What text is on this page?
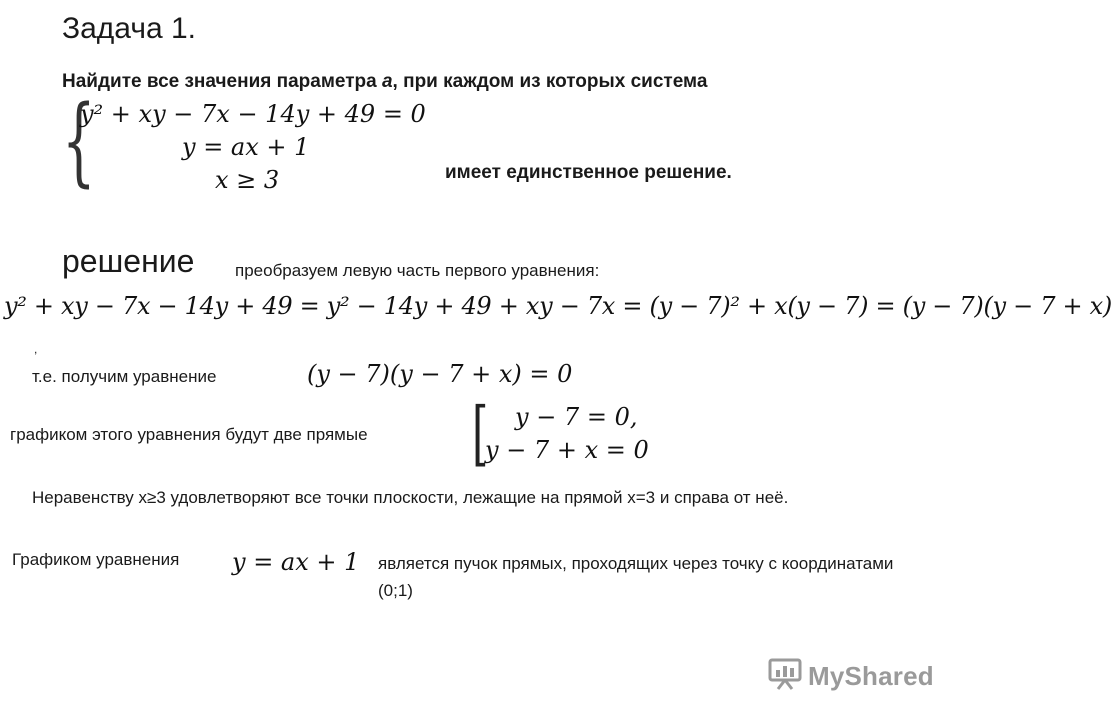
Задача 1.
Найдите все значения параметра a, при каждом из которых система
{
y² + xy − 7x − 14y + 49 = 0
y = ax + 1
x ≥ 3	имеет единственное решение.
решение преобразуем левую часть первого уравнения:
y² + xy − 7x − 14y + 49 = y² − 14y + 49 + xy − 7x = (y − 7)² + x(y − 7) = (y − 7)(y − 7 + x)
,
т.е. получим уравнение	(y − 7)(y − 7 + x) = 0
графиком этого уравнения будут две прямые [ y − 7 = 0,
y − 7 + x = 0
Неравенству x≥3 удовлетворяют все точки плоскости, лежащие на прямой x=3 и справа от неё.
Графиком уравнения y = ax + 1 является пучок прямых, проходящих через точку с координатами (0;1)
MyShared
